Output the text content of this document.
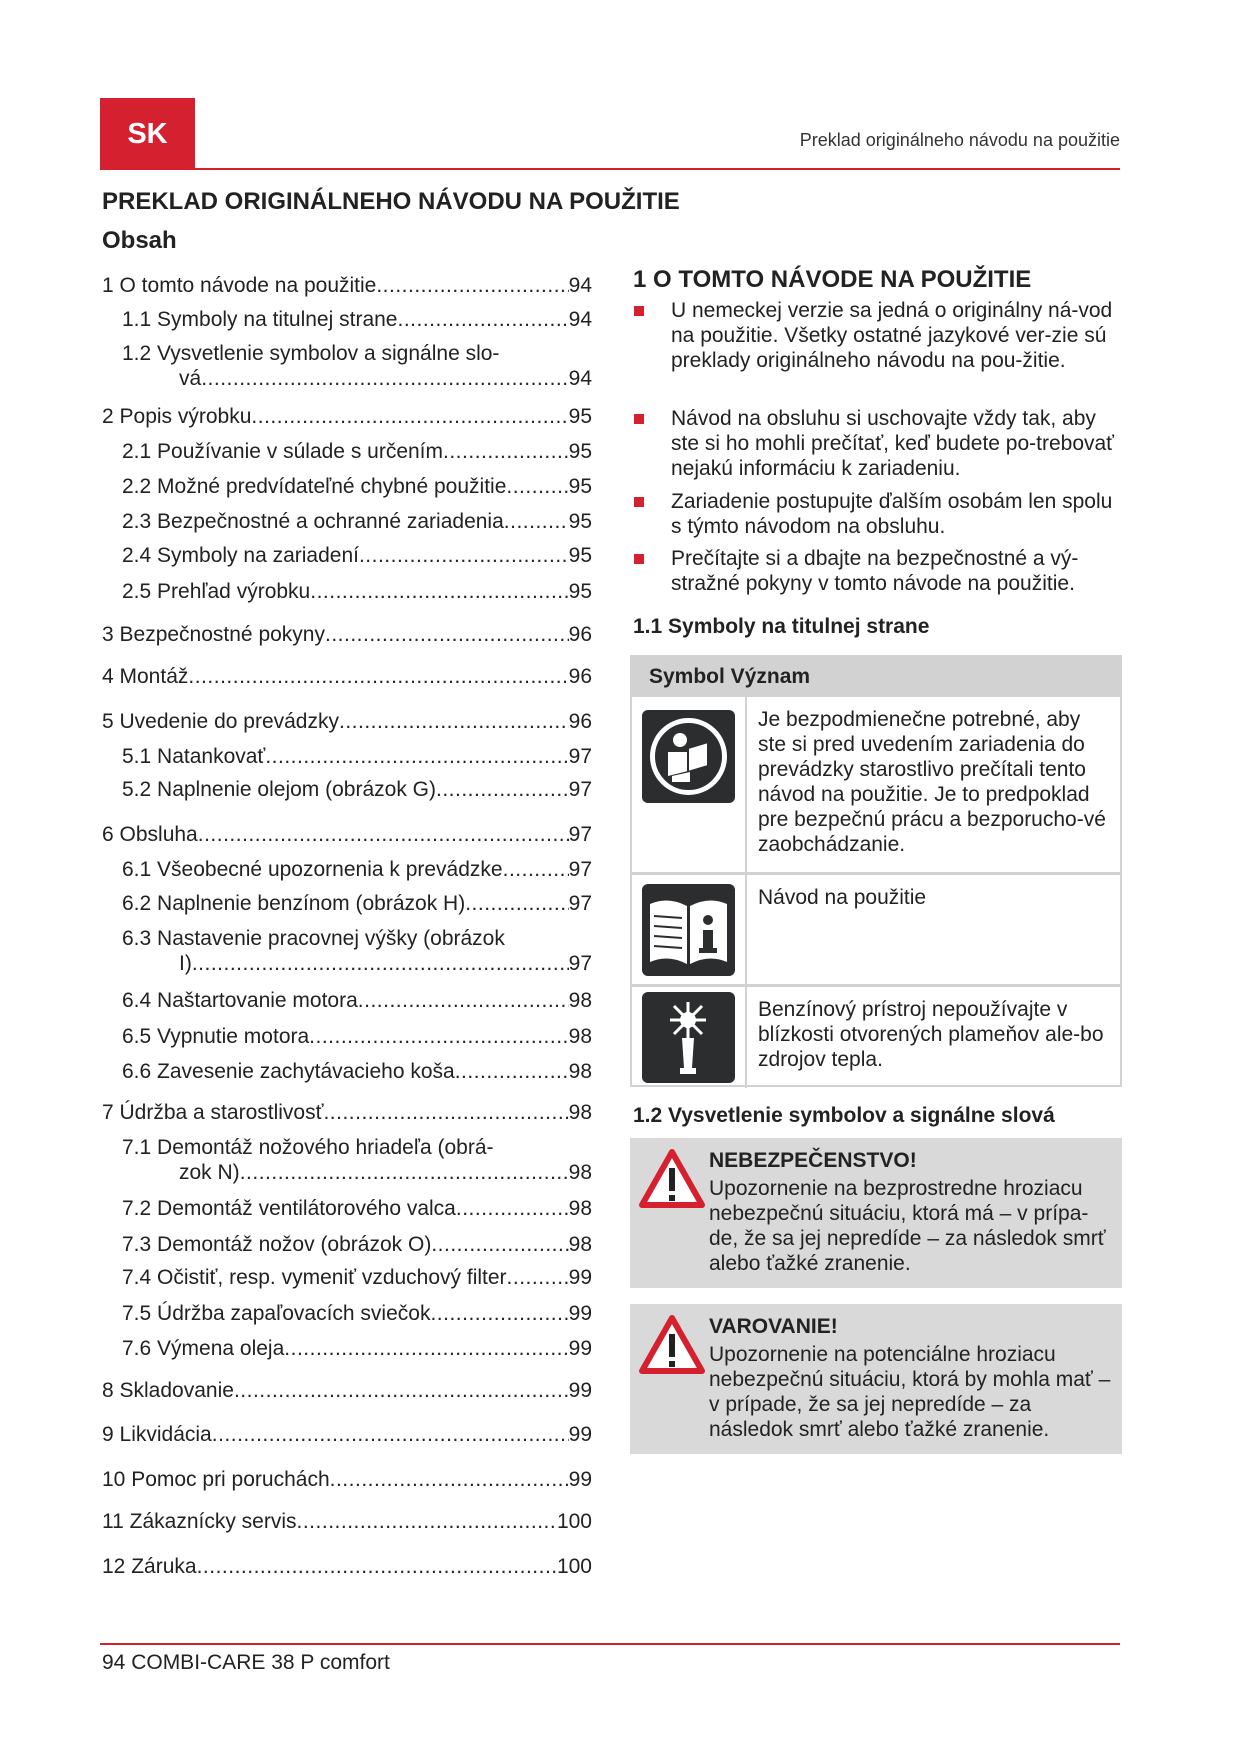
SK	Preklad originálneho návodu na použitie
PREKLAD ORIGINÁLNEHO NÁVODU NA POUŽITIE
Obsah
1 O tomto návode na použitie .....	94
1.1 Symboly na titulnej strane .....	94
1.2 Vysvetlenie symbolov a signálne slo-
vá .....	94
2 Popis výrobku .....	95
2.1 Používanie v súlade s určením .....	95
2.2 Možné predvídateľné chybné použitie .....	95
2.3 Bezpečnostné a ochranné zariadenia .....	95
2.4 Symboly na zariadení .....	95
2.5 Prehľad výrobku .....	95
3 Bezpečnostné pokyny .....	96
4 Montáž .....	96
5 Uvedenie do prevádzky .....	96
5.1 Natankovať .....	97
5.2 Naplnenie olejom (obrázok G) .....	97
6 Obsluha .....	97
6.1 Všeobecné upozornenia k prevádzke .....	97
6.2 Naplnenie benzínom (obrázok H) .....	97
6.3 Nastavenie pracovnej výšky (obrázok
I) .....	97
6.4 Naštartovanie motora .....	98
6.5 Vypnutie motora .....	98
6.6 Zavesenie zachytávacieho koša .....	98
7 Údržba a starostlivosť .....	98
7.1 Demontáž nožového hriadeľa (obrá-
zok N) .....	98
7.2 Demontáž ventilátorového valca .....	98
7.3 Demontáž nožov (obrázok O) .....	98
7.4 Očistiť, resp. vymeniť vzduchový filter .....	99
7.5 Údržba zapaľovacích sviečok .....	99
7.6 Výmena oleja .....	99
8 Skladovanie .....	99
9 Likvidácia .....	99
10 Pomoc pri poruchách .....	99
11 Zákaznícky servis .....	100
12 Záruka .....	100
1 O TOMTO NÁVODE NA POUŽITIE
U nemeckej verzie sa jedná o originálny ná-vod na použitie. Všetky ostatné jazykové ver-zie sú preklady originálneho návodu na pou-žitie.
Návod na obsluhu si uschovajte vždy tak, aby ste si ho mohli prečítať, keď budete po-trebovať nejakú informáciu k zariadeniu.
Zariadenie postupujte ďalším osobám len spolu s týmto návodom na obsluhu.
Prečítajte si a dbajte na bezpečnostné a vý-stražné pokyny v tomto návode na použitie.
1.1 Symboly na titulnej strane
Symbol Význam
Je bezpodmienečne potrebné, aby ste si pred uvedením zariadenia do prevádzky starostlivo prečítali tento návod na použitie. Je to predpoklad pre bezpečnú prácu a bezporucho-vé zaobchádzanie.
Návod na použitie
Benzínový prístroj nepoužívajte v blízkosti otvorených plameňov ale-bo zdrojov tepla.
1.2 Vysvetlenie symbolov a signálne slová
NEBEZPEČENSTVO!
Upozornenie na bezprostredne hroziacu nebezpečnú situáciu, ktorá má – v prípa-de, že sa jej nepredíde – za následok smrť alebo ťažké zranenie.
VAROVANIE!
Upozornenie na potenciálne hroziacu nebezpečnú situáciu, ktorá by mohla mať – v prípade, že sa jej nepredíde – za následok smrť alebo ťažké zranenie.
94 COMBI-CARE 38 P comfort
